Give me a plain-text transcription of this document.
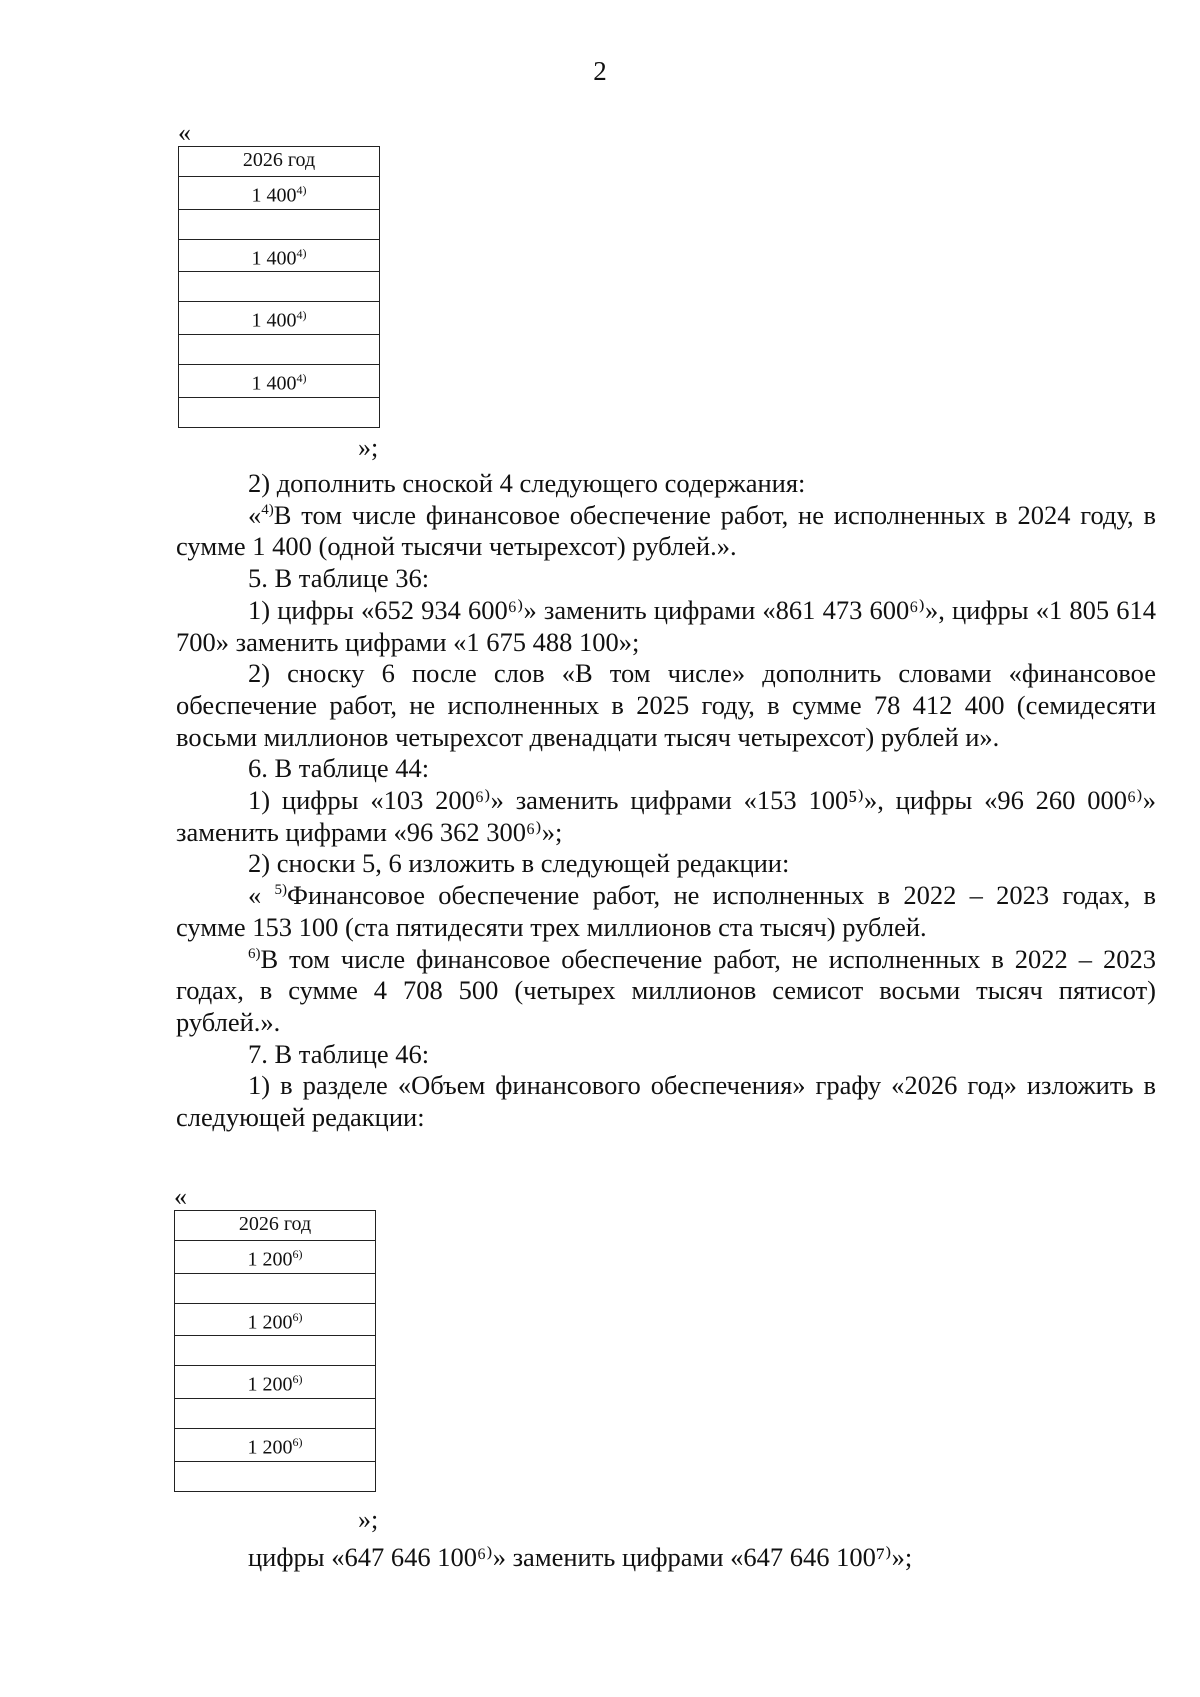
2
«
2026 год
1 400$^{4)}$

1 400$^{4)}$

1 400$^{4)}$

1 400$^{4)}$

»;

2) дополнить сноской 4 следующего содержания:

«$^{4)}$В том числе финансовое обеспечение работ, не исполненных в 2024 году, в сумме 1 400 (одной тысячи четырехсот) рублей.».

5. В таблице 36:

1) цифры «652 934 600⁶⁾» заменить цифрами «861 473 600⁶⁾», цифры «1 805 614 700» заменить цифрами «1 675 488 100»;

2) сноску 6 после слов «В том числе» дополнить словами «финансовое обеспечение работ, не исполненных в 2025 году, в сумме 78 412 400 (семидесяти восьми миллионов четырехсот двенадцати тысяч четырехсот) рублей и».

6. В таблице 44:

1) цифры «103 200⁶⁾» заменить цифрами «153 100⁵⁾», цифры «96 260 000⁶⁾» заменить цифрами «96 362 300⁶⁾»;

2) сноски 5, 6 изложить в следующей редакции:

« $^{5)}$Финансовое обеспечение работ, не исполненных в 2022 – 2023 годах, в сумме 153 100 (ста пятидесяти трех миллионов ста тысяч) рублей.

$^{6)}$В том числе финансовое обеспечение работ, не исполненных в 2022 – 2023 годах, в сумме 4 708 500 (четырех миллионов семисот восьми тысяч пятисот) рублей.».

7. В таблице 46:

1) в разделе «Объем финансового обеспечения» графу «2026 год» изложить в следующей редакции:

«
2026 год
1 200$^{6)}$

1 200$^{6)}$

1 200$^{6)}$

1 200$^{6)}$

»;
цифры «647 646 100⁶⁾» заменить цифрами «647 646 100⁷⁾»;
